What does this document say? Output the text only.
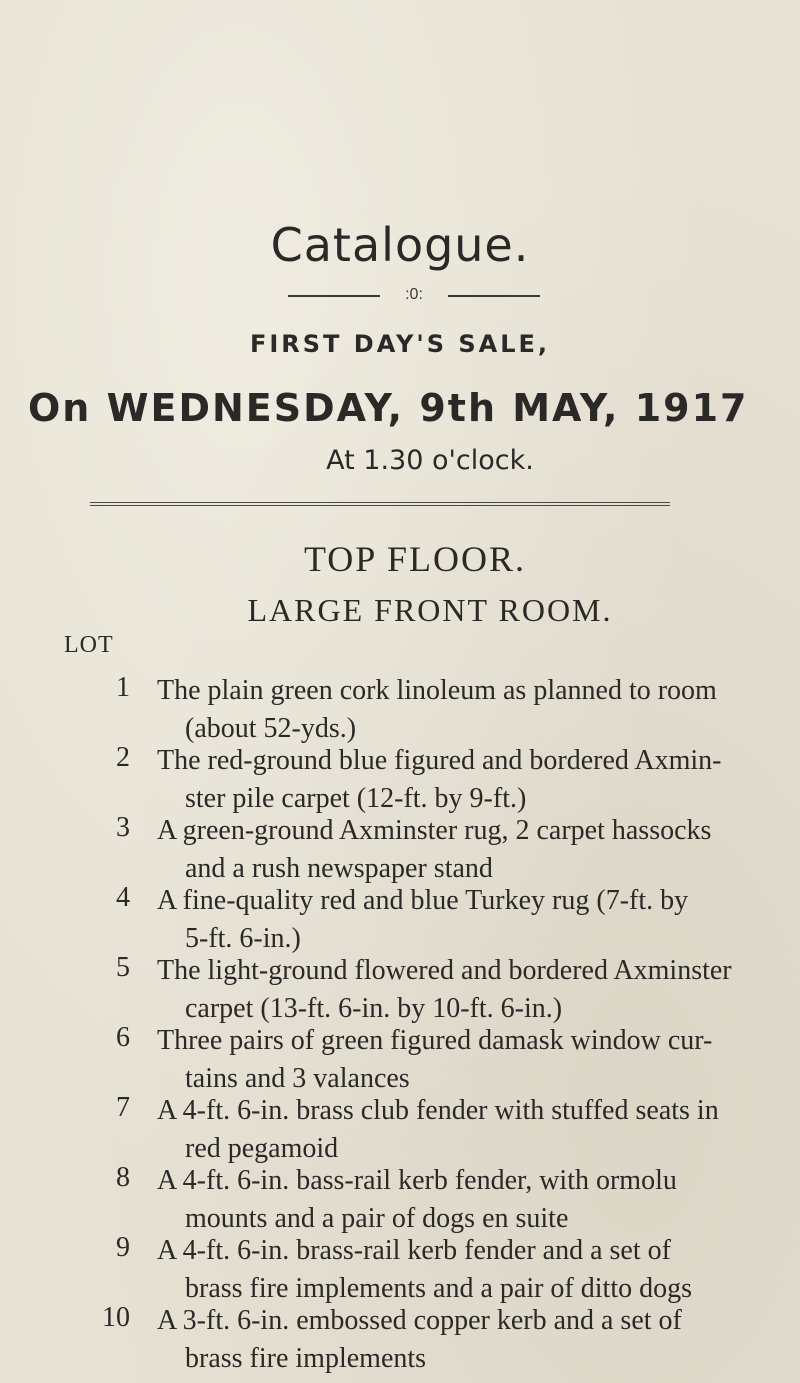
Catalogue.
:0:
FIRST DAY'S SALE,
On WEDNESDAY, 9th MAY, 1917
At 1.30 o'clock.
TOP FLOOR.
LARGE FRONT ROOM.
LOT
1 The plain green cork linoleum as planned to room
(about 52-yds.)
2 The red-ground blue figured and bordered Axmin-
ster pile carpet (12-ft. by 9-ft.)
3 A green-ground Axminster rug, 2 carpet hassocks
and a rush newspaper stand
4 A fine-quality red and blue Turkey rug (7-ft. by
5-ft. 6-in.)
5 The light-ground flowered and bordered Axminster
carpet (13-ft. 6-in. by 10-ft. 6-in.)
6 Three pairs of green figured damask window cur-
tains and 3 valances
7 A 4-ft. 6-in. brass club fender with stuffed seats in
red pegamoid
8 A 4-ft. 6-in. bass-rail kerb fender, with ormolu
mounts and a pair of dogs en suite
9 A 4-ft. 6-in. brass-rail kerb fender and a set of
brass fire implements and a pair of ditto dogs
10 A 3-ft. 6-in. embossed copper kerb and a set of
brass fire implements
